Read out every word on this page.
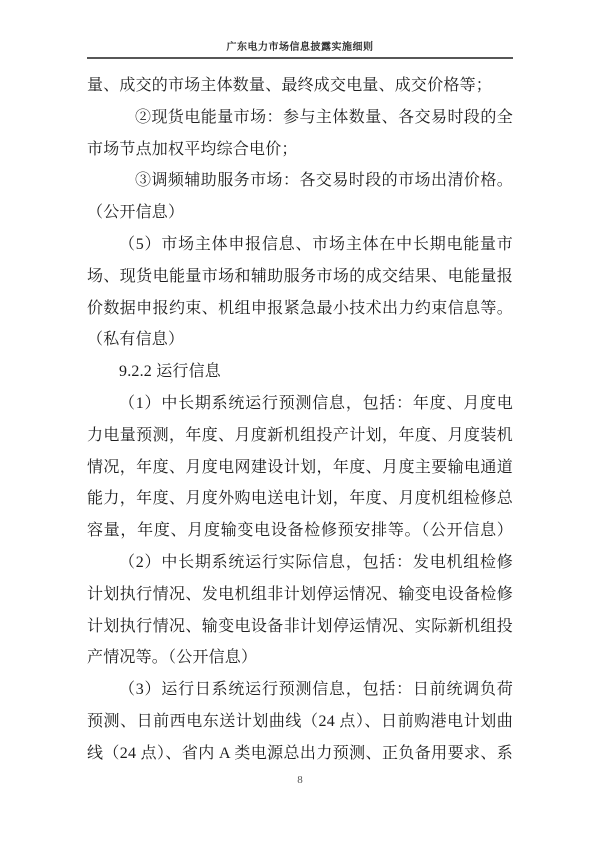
广东电力市场信息披露实施细则
量、成交的市场主体数量、最终成交电量、成交价格等；
②现货电能量市场：参与主体数量、各交易时段的全
市场节点加权平均综合电价；
③调频辅助服务市场：各交易时段的市场出清价格。
（公开信息）
（5）市场主体申报信息、市场主体在中长期电能量市
场、现货电能量市场和辅助服务市场的成交结果、电能量报
价数据申报约束、机组申报紧急最小技术出力约束信息等。
（私有信息）
9.2.2 运行信息
（1）中长期系统运行预测信息，包括：年度、月度电
力电量预测，年度、月度新机组投产计划，年度、月度装机
情况，年度、月度电网建设计划，年度、月度主要输电通道
能力，年度、月度外购电送电计划，年度、月度机组检修总
容量，年度、月度输变电设备检修预安排等。（公开信息）
（2）中长期系统运行实际信息，包括：发电机组检修
计划执行情况、发电机组非计划停运情况、输变电设备检修
计划执行情况、输变电设备非计划停运情况、实际新机组投
产情况等。（公开信息）
（3）运行日系统运行预测信息，包括：日前统调负荷
预测、日前西电东送计划曲线（24 点）、日前购港电计划曲
线（24 点）、省内 A 类电源总出力预测、正负备用要求、系
8
